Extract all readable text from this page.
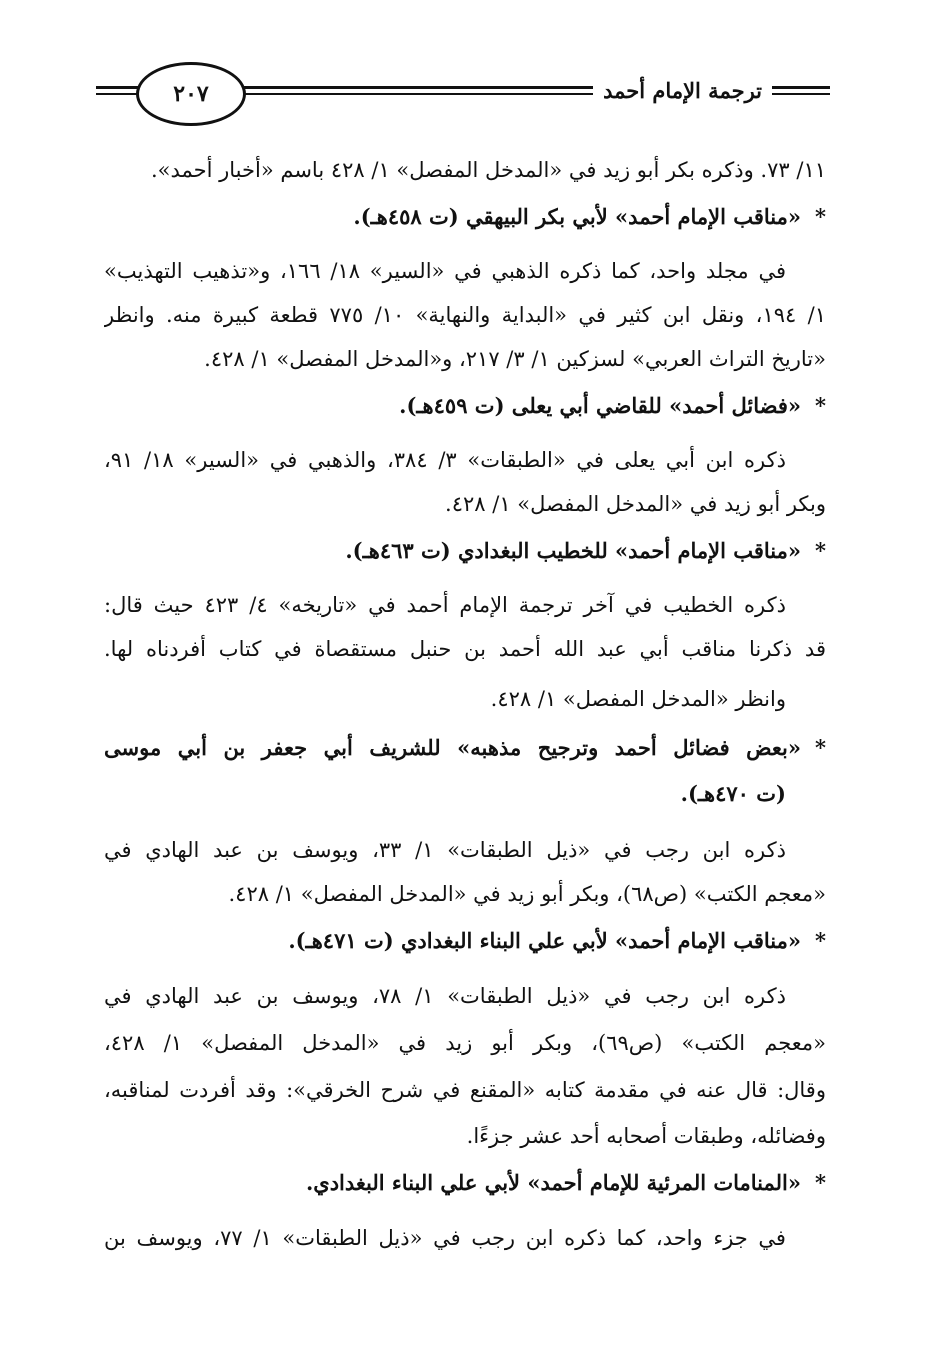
٢٠٧	ترجمة الإمام أحمد
١١/ ٧٣. وذكره بكر أبو زيد في «المدخل المفصل» ١/ ٤٢٨ باسم «أخبار أحمد».
*«مناقب الإمام أحمد» لأبي بكر البيهقي (ت ٤٥٨هـ).
في مجلد واحد، كما ذكره الذهبي في «السير» ١٨/ ١٦٦، و«تذهيب التهذيب»
١/ ١٩٤، ونقل ابن كثير في «البداية والنهاية» ١٠/ ٧٧٥ قطعة كبيرة منه. وانظر
«تاريخ التراث العربي» لسزكين ١/ ٣/ ٢١٧، و«المدخل المفصل» ١/ ٤٢٨.
*«فضائل أحمد» للقاضي أبي يعلى (ت ٤٥٩هـ).
ذكره ابن أبي يعلى في «الطبقات» ٣/ ٣٨٤، والذهبي في «السير» ١٨/ ٩١،
وبكر أبو زيد في «المدخل المفصل» ١/ ٤٢٨.
*«مناقب الإمام أحمد» للخطيب البغدادي (ت ٤٦٣هـ).
ذكره الخطيب في آخر ترجمة الإمام أحمد في «تاريخه» ٤/ ٤٢٣ حيث قال:
قد ذكرنا مناقب أبي عبد الله أحمد بن حنبل مستقصاة في كتاب أفردناه لها.
وانظر «المدخل المفصل» ١/ ٤٢٨.
*«بعض فضائل أحمد وترجيح مذهبه» للشريف أبي جعفر بن أبي موسى
(ت ٤٧٠هـ).
ذكره ابن رجب في «ذيل الطبقات» ١/ ٣٣، ويوسف بن عبد الهادي في
«معجم الكتب» (ص٦٨)، وبكر أبو زيد في «المدخل المفصل» ١/ ٤٢٨.
*«مناقب الإمام أحمد» لأبي علي البناء البغدادي (ت ٤٧١هـ).
ذكره ابن رجب في «ذيل الطبقات» ١/ ٧٨، ويوسف بن عبد الهادي في
«معجم الكتب» (ص٦٩)، وبكر أبو زيد في «المدخل المفصل» ١/ ٤٢٨،
وقال: قال عنه في مقدمة كتابه «المقنع في شرح الخرقي»: وقد أفردت لمناقبه،
وفضائله، وطبقات أصحابه أحد عشر جزءًا.
*«المنامات المرئية للإمام أحمد» لأبي علي البناء البغدادي.
في جزء واحد، كما ذكره ابن رجب في «ذيل الطبقات» ١/ ٧٧، ويوسف بن
